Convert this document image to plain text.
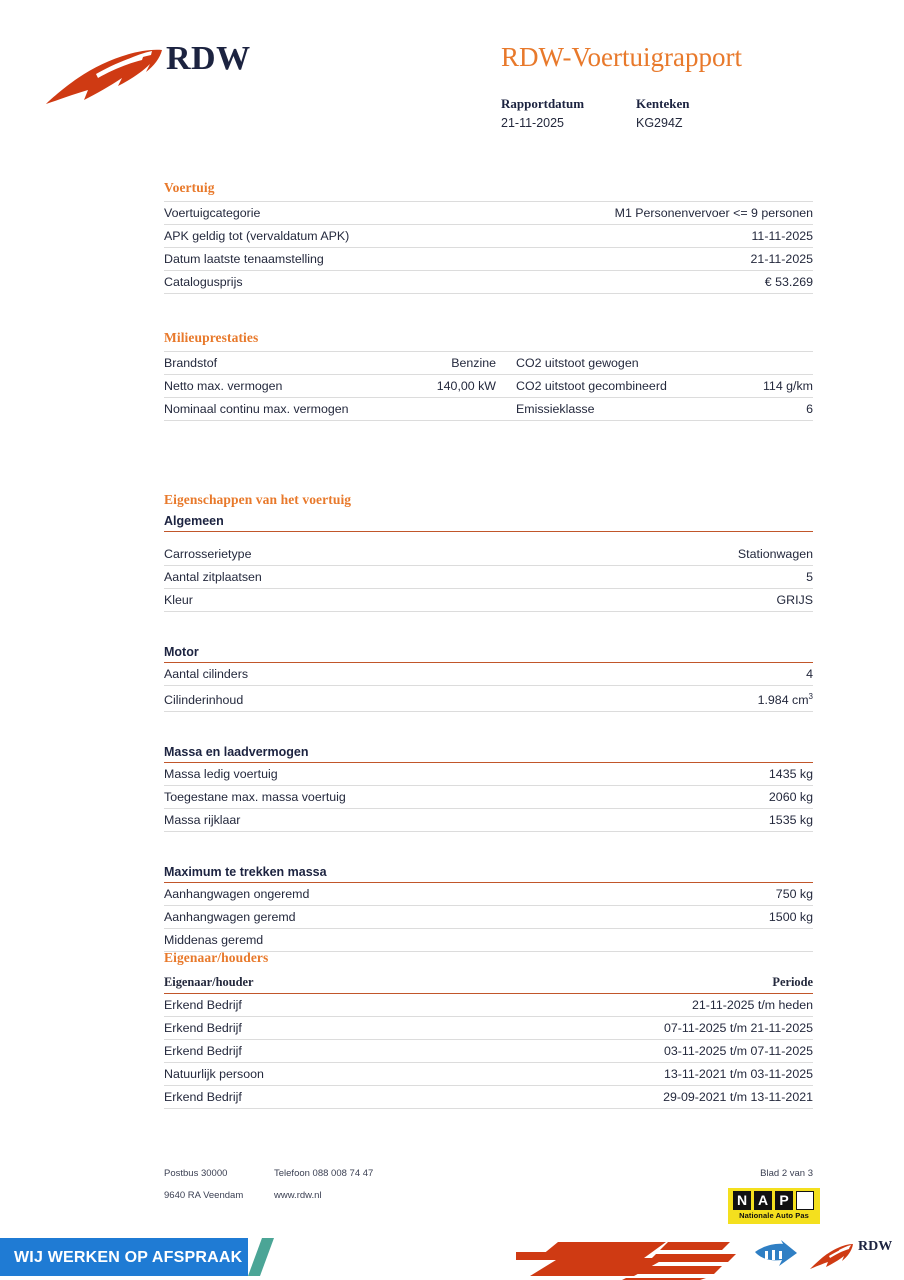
RDW	RDW-Voertuigrapport
Rapportdatum
21-11-2025
Kenteken
KG294Z
Voertuig
Voertuigcategorie	M1 Personenvervoer <= 9 personen
APK geldig tot (vervaldatum APK)	11-11-2025
Datum laatste tenaamstelling	21-11-2025
Catalogusprijs	€ 53.269
Milieuprestaties
Brandstof	Benzine	CO2 uitstoot gewogen	
Netto max. vermogen	140,00 kW	CO2 uitstoot gecombineerd	114 g/km
Nominaal continu max. vermogen		Emissieklasse	6
Eigenschappen van het voertuig
Algemeen
Carrosserietype	Stationwagen
Aantal zitplaatsen	5
Kleur	GRIJS
Motor
Aantal cilinders	4
Cilinderinhoud	1.984 $cm^3$
Massa en laadvermogen
Massa ledig voertuig	1435 kg
Toegestane max. massa voertuig	2060 kg
Massa rijklaar	1535 kg
Maximum te trekken massa
Aanhangwagen ongeremd	750 kg
Aanhangwagen geremd	1500 kg
Middenas geremd	
Eigenaar/houders
Eigenaar/houder	Periode
Erkend Bedrijf	21-11-2025 t/m heden
Erkend Bedrijf	07-11-2025 t/m 21-11-2025
Erkend Bedrijf	03-11-2025 t/m 07-11-2025
Natuurlijk persoon	13-11-2021 t/m 03-11-2025
Erkend Bedrijf	29-09-2021 t/m 13-11-2021
Postbus 30000	Telefoon 088 008 74 47	Blad 2 van 3
9640 RA Veendam	www.rdw.nl	N A P
Nationale Auto Pas
WIJ WERKEN OP AFSPRAAK
RDW
